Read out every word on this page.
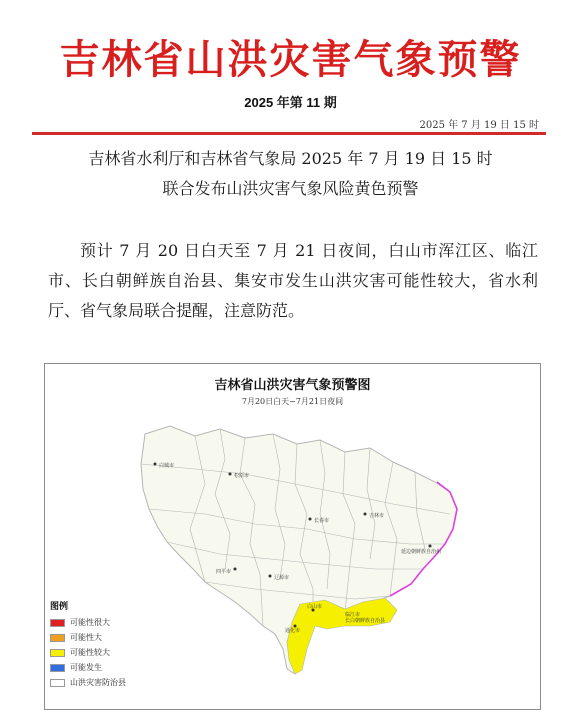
吉林省山洪灾害气象预警
2025 年第 11 期
2025 年 7 月 19 日 15 时
吉林省水利厅和吉林省气象局 2025 年 7 月 19 日 15 时
联合发布山洪灾害气象风险黄色预警
预计 7 月 20 日白天至 7 月 21 日夜间，白山市浑江区、临江市、长白朝鲜族自治县、集安市发生山洪灾害可能性较大，省水利厅、省气象局联合提醒，注意防范。
吉林省山洪灾害气象预警图
7月20日白天~7月21日夜间
白城市
松原市
长春市
吉林市
四平市
辽源市
延边朝鲜族自治州
白山市
通化市
临江市
长白朝鲜族自治县
图例
可能性很大
可能性大
可能性较大
可能发生
山洪灾害防治县
